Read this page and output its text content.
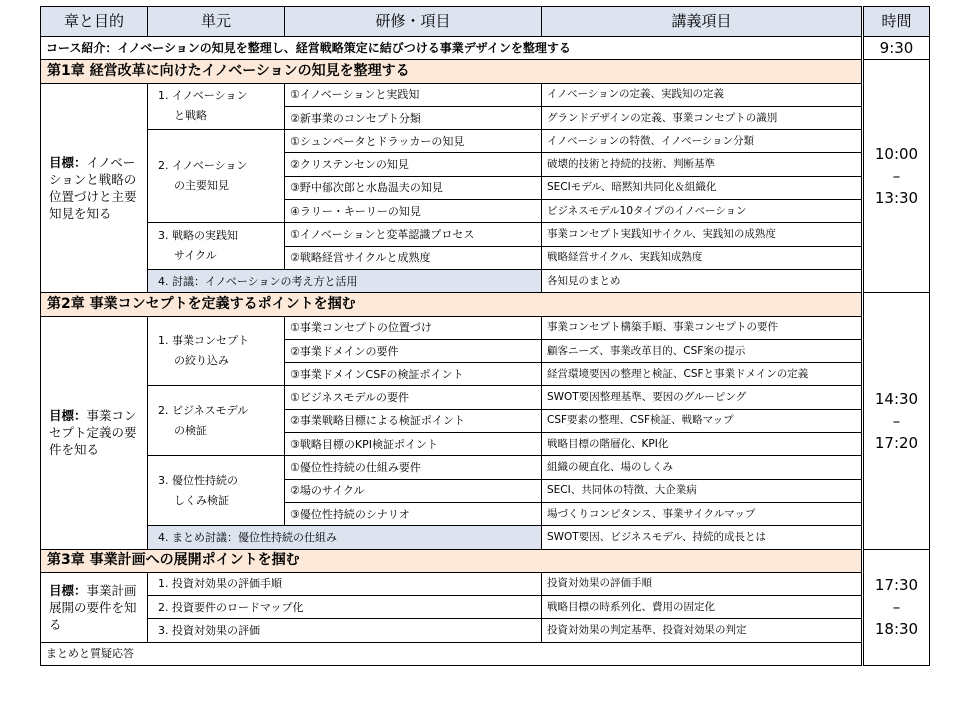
章と目的	単元	研修・項目	講義項目	時間
コース紹介：イノベーションの知見を整理し、経営戦略策定に結びつける事業デザインを整理する				9:30
第1章 経営改革に向けたイノベーションの知見を整理する				10:00
–
13:30

目標：イノベーションと戦略の位置づけと主要知見を知る	1. イノベーション
と戦略	①イノベーションと実践知	イノベーションの定義、実践知の定義	
		②新事業のコンセプト分類	グランドデザインの定義、事業コンセプトの識別	

	2. イノベーション
の主要知見	①シュンペータとドラッカーの知見	イノベーションの特徴、イノベーション分類	
		②クリステンセンの知見	破壊的技術と持続的技術、判断基準	
		③野中郁次郎と水島温夫の知見	SECIモデル、暗黙知共同化＆組織化	
		④ラリー・キーリーの知見	ビジネスモデル10タイプのイノベーション	

	3. 戦略の実践知
サイクル	①イノベーションと変革認識プロセス	事業コンセプト実践知サイクル、実践知の成熟度	
		②戦略経営サイクルと成熟度	戦略経営サイクル、実践知成熟度	
	4. 討議：イノベーションの考え方と活用		各知見のまとめ	
第2章 事業コンセプトを定義するポイントを掴む				14:30
–
17:20

目標：事業コンセプト定義の要件を知る	1. 事業コンセプト
の絞り込み	①事業コンセプトの位置づけ	事業コンセプト構築手順、事業コンセプトの要件	
		②事業ドメインの要件	顧客ニーズ、事業改革目的、CSF案の提示	
		③事業ドメインCSFの検証ポイント	経営環境要因の整理と検証、CSFと事業ドメインの定義	

	2. ビジネスモデル
の検証	①ビジネスモデルの要件	SWOT要因整理基準、要因のグルーピング	
		②事業戦略目標による検証ポイント	CSF要素の整理、CSF検証、戦略マップ	
		③戦略目標のKPI検証ポイント	戦略目標の階層化、KPI化	

	3. 優位性持続の
しくみ検証	①優位性持続の仕組み要件	組織の硬直化、場のしくみ	
		②場のサイクル	SECI、共同体の特徴、大企業病	
		③優位性持続のシナリオ	場づくりコンピタンス、事業サイクルマップ	
	4. まとめ討議：優位性持続の仕組み		SWOT要因、ビジネスモデル、持続的成長とは	
第3章 事業計画への展開ポイントを掴む				17:30
–
18:30

目標：事業計画展開の要件を知る	1. 投資対効果の評価手順		投資対効果の評価手順	
	2. 投資要件のロードマップ化		戦略目標の時系列化、費用の固定化	
	3. 投資対効果の評価		投資対効果の判定基準、投資対効果の判定	
まとめと質疑応答				
